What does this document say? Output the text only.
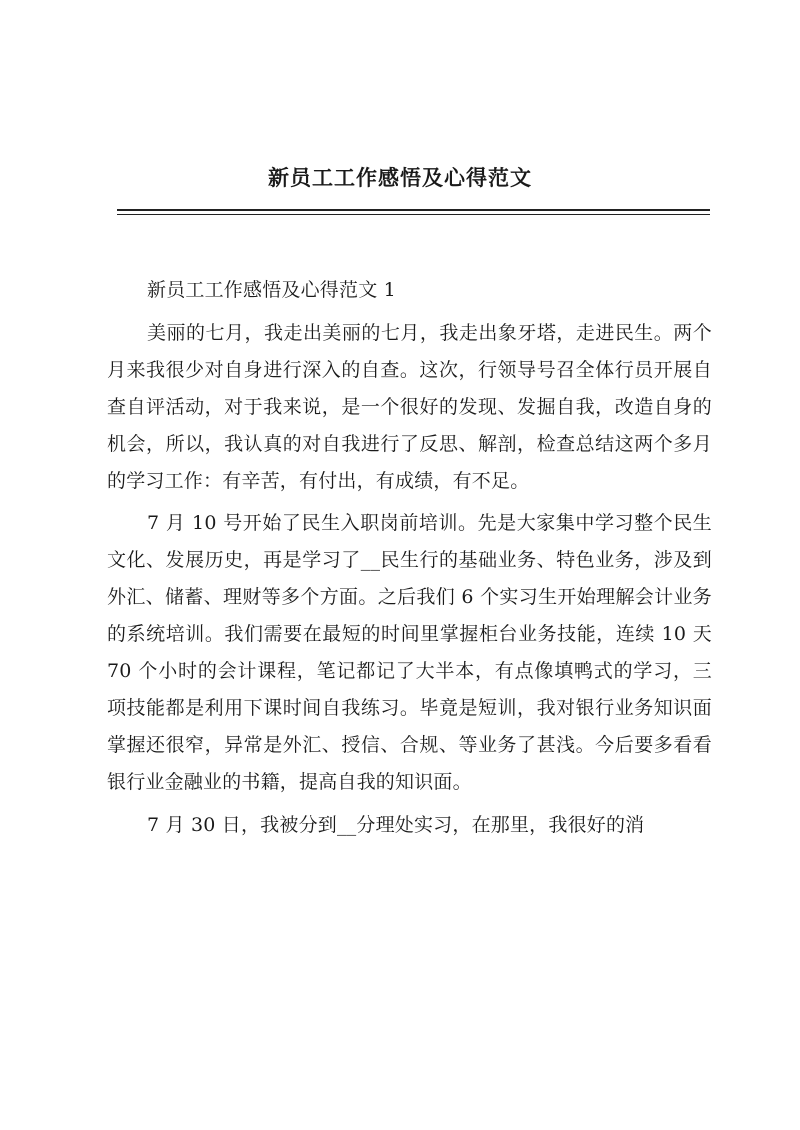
新员工工作感悟及心得范文

新员工工作感悟及心得范文 1

美丽的七月，我走出美丽的七月，我走出象牙塔，走进民生。两个月来我很少对自身进行深入的自查。这次，行领导号召全体行员开展自查自评活动，对于我来说，是一个很好的发现、发掘自我，改造自身的机会，所以，我认真的对自我进行了反思、解剖，检查总结这两个多月的学习工作：有辛苦，有付出，有成绩，有不足。

7 月 10 号开始了民生入职岗前培训。先是大家集中学习整个民生文化、发展历史，再是学习了__民生行的基础业务、特色业务，涉及到外汇、储蓄、理财等多个方面。之后我们 6 个实习生开始理解会计业务的系统培训。我们需要在最短的时间里掌握柜台业务技能，连续 10 天 70 个小时的会计课程，笔记都记了大半本，有点像填鸭式的学习，三项技能都是利用下课时间自我练习。毕竟是短训，我对银行业务知识面掌握还很窄，异常是外汇、授信、合规、等业务了甚浅。今后要多看看银行业金融业的书籍，提高自我的知识面。

7 月 30 日，我被分到__分理处实习，在那里，我很好的消
